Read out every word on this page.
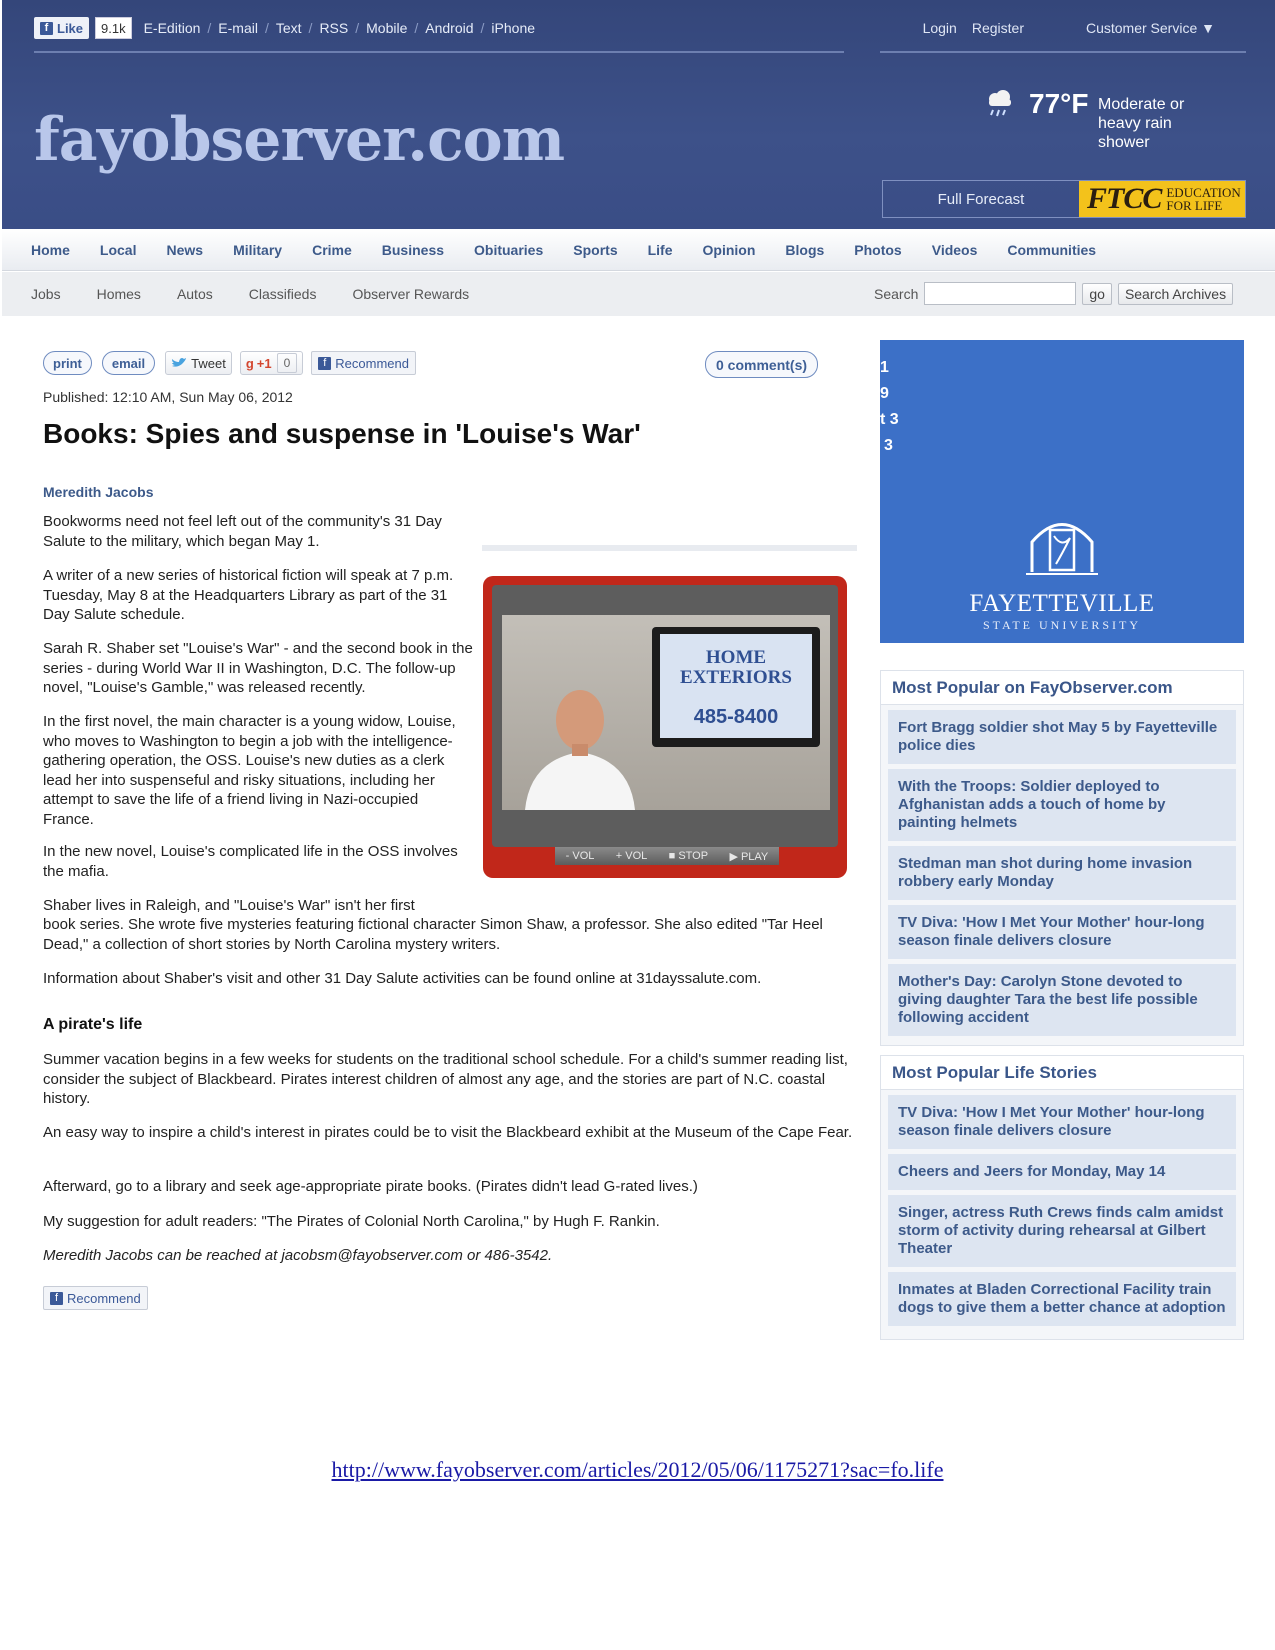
f Like	9.1k	E-Edition / E-mail / Text / RSS / Mobile / Android / iPhone	Login Register	Customer Service ▼
fayobserver.com
77°F Moderate or heavy rain shower
Full Forecast	FTCC EDUCATION
FOR LIFE
Home Local News Military Crime Business Obituaries Sports Life Opinion Blogs Photos Videos Communities
Jobs	Homes	Autos	Classifieds	Observer Rewards	Search	go	Search Archives
print	email	Tweet g +1	0	f Recommend	0 comment(s)
Published: 12:10 AM, Sun May 06, 2012
Books: Spies and suspense in 'Louise's War'
Meredith Jacobs

Bookworms need not feel left out of the community's 31 Day Salute to the military, which began May 1.

A writer of a new series of historical fiction will speak at 7 p.m. Tuesday, May 8 at the Headquarters Library as part of the 31 Day Salute schedule.

Sarah R. Shaber set "Louise's War" - and the second book in the series - during World War II in Washington, D.C. The follow-up novel, "Louise's Gamble," was released recently.

In the first novel, the main character is a young widow, Louise, who moves to Washington to begin a job with the intelligence-gathering operation, the OSS. Louise's new duties as a clerk lead her into suspenseful and risky situations, including her attempt to save the life of a friend living in Nazi-occupied France.

In the new novel, Louise's complicated life in the OSS involves the mafia.

Shaber lives in Raleigh, and "Louise's War" isn't her first

book series. She wrote five mysteries featuring fictional character Simon Shaw, a professor. She also edited "Tar Heel Dead," a collection of short stories by North Carolina mystery writers.

Information about Shaber's visit and other 31 Day Salute activities can be found online at 31dayssalute.com.

A pirate's life

Summer vacation begins in a few weeks for students on the traditional school schedule. For a child's summer reading list, consider the subject of Blackbeard. Pirates interest children of almost any age, and the stories are part of N.C. coastal history.

An easy way to inspire a child's interest in pirates could be to visit the Blackbeard exhibit at the Museum of the Cape Fear.

Afterward, go to a library and seek age-appropriate pirate books. (Pirates didn't lead G-rated lives.)

My suggestion for adult readers: "The Pirates of Colonial North Carolina," by Hugh F. Rankin.

Meredith Jacobs can be reached at jacobsm@fayobserver.com or 486-3542.

f Recommend
HOME EXTERIORS
485-8400
- VOL + VOL ■ STOP ▶ PLAY
1
9
t 3
3
FAYETTEVILLE
STATE UNIVERSITY
Most Popular on FayObserver.com
Fort Bragg soldier shot May 5 by Fayetteville police dies
With the Troops: Soldier deployed to Afghanistan adds a touch of home by painting helmets
Stedman man shot during home invasion robbery early Monday
TV Diva: 'How I Met Your Mother' hour-long season finale delivers closure
Mother's Day: Carolyn Stone devoted to giving daughter Tara the best life possible following accident
Most Popular Life Stories
TV Diva: 'How I Met Your Mother' hour-long season finale delivers closure
Cheers and Jeers for Monday, May 14
Singer, actress Ruth Crews finds calm amidst storm of activity during rehearsal at Gilbert Theater
Inmates at Bladen Correctional Facility train dogs to give them a better chance at adoption
http://www.fayobserver.com/articles/2012/05/06/1175271?sac=fo.life
